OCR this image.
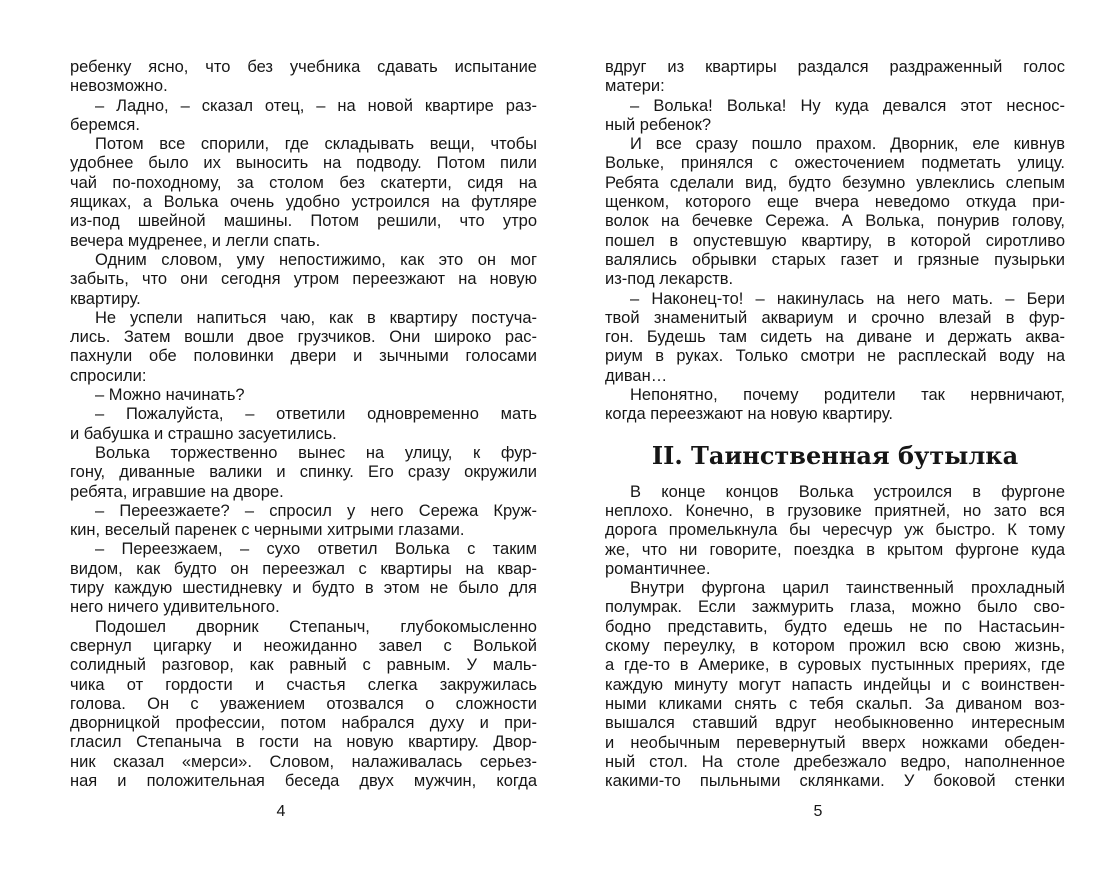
ребенку ясно, что без учебника сдавать испытание
невозможно.
– Ладно, – сказал отец, – на новой квартире раз-
беремся.
Потом все спорили, где складывать вещи, чтобы
удобнее было их выносить на подводу. Потом пили
чай по-походному, за столом без скатерти, сидя на
ящиках, а Волька очень удобно устроился на футляре
из-под швейной машины. Потом решили, что утро
вечера мудренее, и легли спать.
Одним словом, уму непостижимо, как это он мог
забыть, что они сегодня утром переезжают на новую
квартиру.
Не успели напиться чаю, как в квартиру постуча-
лись. Затем вошли двое грузчиков. Они широко рас-
пахнули обе половинки двери и зычными голосами
спросили:
– Можно начинать?
– Пожалуйста, – ответили одновременно мать
и бабушка и страшно засуетились.
Волька торжественно вынес на улицу, к фур-
гону, диванные валики и спинку. Его сразу окружили
ребята, игравшие на дворе.
– Переезжаете? – спросил у него Сережа Круж-
кин, веселый паренек с черными хитрыми глазами.
– Переезжаем, – сухо ответил Волька с таким
видом, как будто он переезжал с квартиры на квар-
тиру каждую шестидневку и будто в этом не было для
него ничего удивительного.
Подошел дворник Степаныч, глубокомысленно
свернул цигарку и неожиданно завел с Волькой
солидный разговор, как равный с равным. У маль-
чика от гордости и счастья слегка закружилась
голова. Он с уважением отозвался о сложности
дворницкой профессии, потом набрался духу и при-
гласил Степаныча в гости на новую квартиру. Двор-
ник сказал «мерси». Словом, налаживалась серьез-
ная и положительная беседа двух мужчин, когда
вдруг из квартиры раздался раздраженный голос
матери:
– Волька! Волька! Ну куда девался этот неснос-
ный ребенок?
И все сразу пошло прахом. Дворник, еле кивнув
Вольке, принялся с ожесточением подметать улицу.
Ребята сделали вид, будто безумно увлеклись слепым
щенком, которого еще вчера неведомо откуда при-
волок на бечевке Сережа. А Волька, понурив голову,
пошел в опустевшую квартиру, в которой сиротливо
валялись обрывки старых газет и грязные пузырьки
из-под лекарств.
– Наконец-то! – накинулась на него мать. – Бери
твой знаменитый аквариум и срочно влезай в фур-
гон. Будешь там сидеть на диване и держать аква-
риум в руках. Только смотри не расплескай воду на
диван…
Непонятно, почему родители так нервничают,
когда переезжают на новую квартиру.
II. Таинственная бутылка
В конце концов Волька устроился в фургоне
неплохо. Конечно, в грузовике приятней, но зато вся
дорога промелькнула бы чересчур уж быстро. К тому
же, что ни говорите, поездка в крытом фургоне куда
романтичнее.
Внутри фургона царил таинственный прохладный
полумрак. Если зажмурить глаза, можно было сво-
бодно представить, будто едешь не по Настасьин-
скому переулку, в котором прожил всю свою жизнь,
а где-то в Америке, в суровых пустынных прериях, где
каждую минуту могут напасть индейцы и с воинствен-
ными кликами снять с тебя скальп. За диваном воз-
вышался ставший вдруг необыкновенно интересным
и необычным перевернутый вверх ножками обеден-
ный стол. На столе дребезжало ведро, наполненное
какими-то пыльными склянками. У боковой стенки
4	5
